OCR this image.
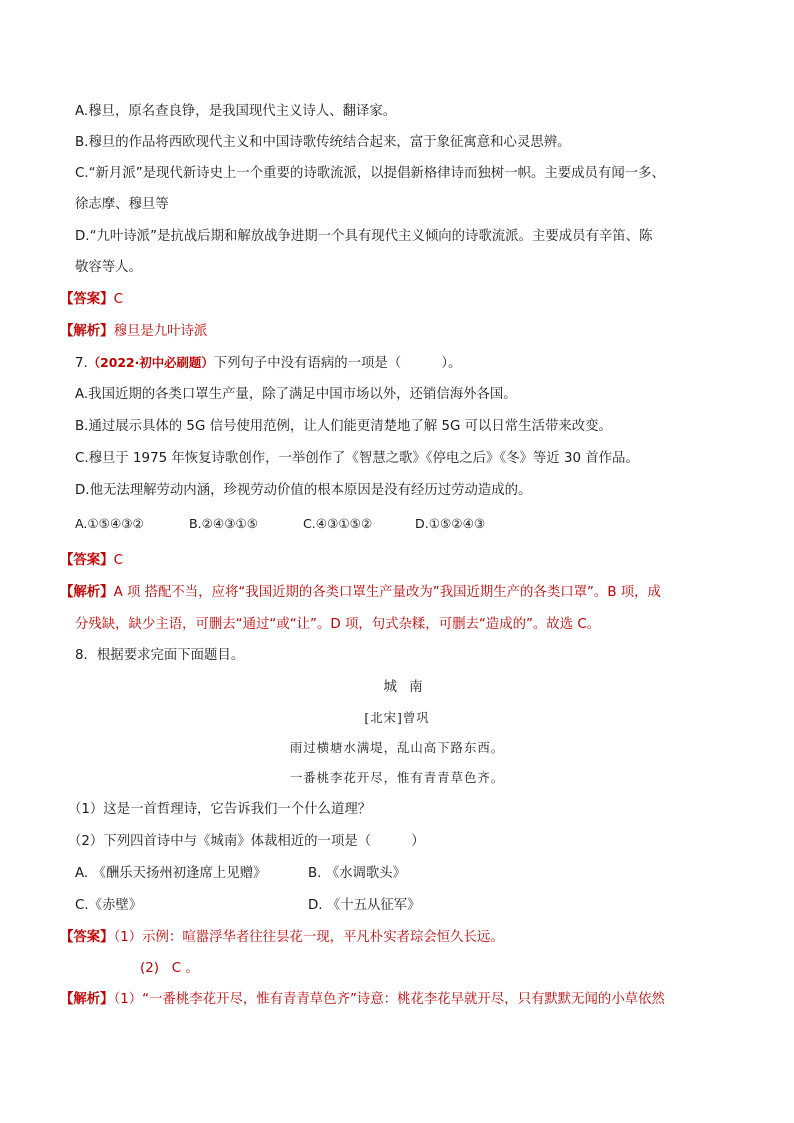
A.穆旦，原名查良铮，是我国现代主义诗人、翻译家。
B.穆旦的作品将西欧现代主义和中国诗歌传统结合起来，富于象征寓意和心灵思辨。
C.“新月派”是现代新诗史上一个重要的诗歌流派，以提倡新格律诗而独树一帜。主要成员有闻一多、
徐志摩、穆旦等
D.“九叶诗派”是抗战后期和解放战争进期一个具有现代主义倾向的诗歌流派。主要成员有辛笛、陈
敬容等人。
【答案】C
【解析】穆旦是九叶诗派
7.（2022·初中必刷题）下列句子中没有语病的一项是（　　　）。
A.我国近期的各类口罩生产量，除了满足中国市场以外，还销信海外各国。
B.通过展示具体的 5G 信号使用范例，让人们能更清楚地了解 5G 可以日常生活带来改变。
C.穆旦于 1975 年恢复诗歌创作，一举创作了《智慧之歌》《停电之后》《冬》等近 30 首作品。
D.他无法理解劳动内涵，珍视劳动价值的根本原因是没有经历过劳动造成的。
A.①⑤④③②	B.②④③①⑤	C.④③①⑤②	D.①⑤②④③
【答案】C
【解析】A 项 搭配不当，应将“我国近期的各类口罩生产量改为”我国近期生产的各类口罩”。B 项，成
分残缺，缺少主语，可删去“通过“或“让”。D 项，句式杂糅，可删去“造成的”。故选 C。
8．根据要求完面下面题目。
城南
[北宋]曾巩
雨过横塘水满堤，乱山高下路东西。
一番桃李花开尽，惟有青青草色齐。
（1）这是一首哲理诗，它告诉我们一个什么道理？
（2）下列四首诗中与《城南》体裁相近的一项是（　　　）
A. 《酬乐天扬州初逢席上见赠》	B. 《水调歌头》
C.《赤壁》	D. 《十五从征军》
【答案】（1）示例：喧嚣浮华者往往昙花一现，平凡朴实者琮会恒久长远。
(2) C 。
【解析】（1）“一番桃李花开尽，惟有青青草色齐”诗意：桃花李花早就开尽，只有默默无闻的小草依然
